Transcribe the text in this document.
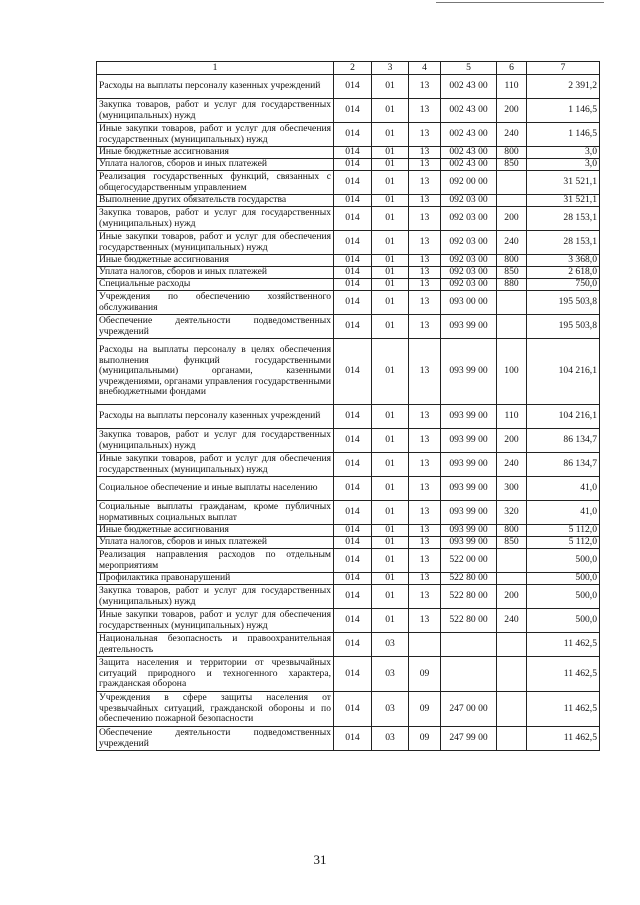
1	2	3	4	5	6	7
Расходы на выплаты персоналу казенных учреждений	014	01	13	002 43 00	110	2 391,2
Закупка товаров, работ и услуг для государственных (муниципальных) нужд	014	01	13	002 43 00	200	1 146,5
Иные закупки товаров, работ и услуг для обеспечения государственных (муниципальных) нужд	014	01	13	002 43 00	240	1 146,5
Иные бюджетные ассигнования	014	01	13	002 43 00	800	3,0
Уплата налогов, сборов и иных платежей	014	01	13	002 43 00	850	3,0
Реализация государственных функций, связанных с общегосударственным управлением	014	01	13	092 00 00		31 521,1
Выполнение других обязательств государства	014	01	13	092 03 00		31 521,1
Закупка товаров, работ и услуг для государственных (муниципальных) нужд	014	01	13	092 03 00	200	28 153,1
Иные закупки товаров, работ и услуг для обеспечения государственных (муниципальных) нужд	014	01	13	092 03 00	240	28 153,1
Иные бюджетные ассигнования	014	01	13	092 03 00	800	3 368,0
Уплата налогов, сборов и иных платежей	014	01	13	092 03 00	850	2 618,0
Специальные расходы	014	01	13	092 03 00	880	750,0
Учреждения по обеспечению хозяйственного обслуживания	014	01	13	093 00 00		195 503,8
Обеспечение деятельности подведомственных учреждений	014	01	13	093 99 00		195 503,8
Расходы на выплаты персоналу в целях обеспечения выполнения функций государственными (муниципальными) органами, казенными учреждениями, органами управления государственными внебюджетными фондами	014	01	13	093 99 00	100	104 216,1
Расходы на выплаты персоналу казенных учреждений	014	01	13	093 99 00	110	104 216,1
Закупка товаров, работ и услуг для государственных (муниципальных) нужд	014	01	13	093 99 00	200	86 134,7
Иные закупки товаров, работ и услуг для обеспечения государственных (муниципальных) нужд	014	01	13	093 99 00	240	86 134,7
Социальное обеспечение и иные выплаты населению	014	01	13	093 99 00	300	41,0
Социальные выплаты гражданам, кроме публичных нормативных социальных выплат	014	01	13	093 99 00	320	41,0
Иные бюджетные ассигнования	014	01	13	093 99 00	800	5 112,0
Уплата налогов, сборов и иных платежей	014	01	13	093 99 00	850	5 112,0
Реализация направления расходов по отдельным мероприятиям	014	01	13	522 00 00		500,0
Профилактика правонарушений	014	01	13	522 80 00		500,0
Закупка товаров, работ и услуг для государственных (муниципальных) нужд	014	01	13	522 80 00	200	500,0
Иные закупки товаров, работ и услуг для обеспечения государственных (муниципальных) нужд	014	01	13	522 80 00	240	500,0
Национальная безопасность и правоохранительная деятельность	014	03				11 462,5
Защита населения и территории от чрезвычайных ситуаций природного и техногенного характера, гражданская оборона	014	03	09			11 462,5
Учреждения в сфере защиты населения от чрезвычайных ситуаций, гражданской обороны и по обеспечению пожарной безопасности	014	03	09	247 00 00		11 462,5
Обеспечение деятельности подведомственных учреждений	014	03	09	247 99 00		11 462,5
31
